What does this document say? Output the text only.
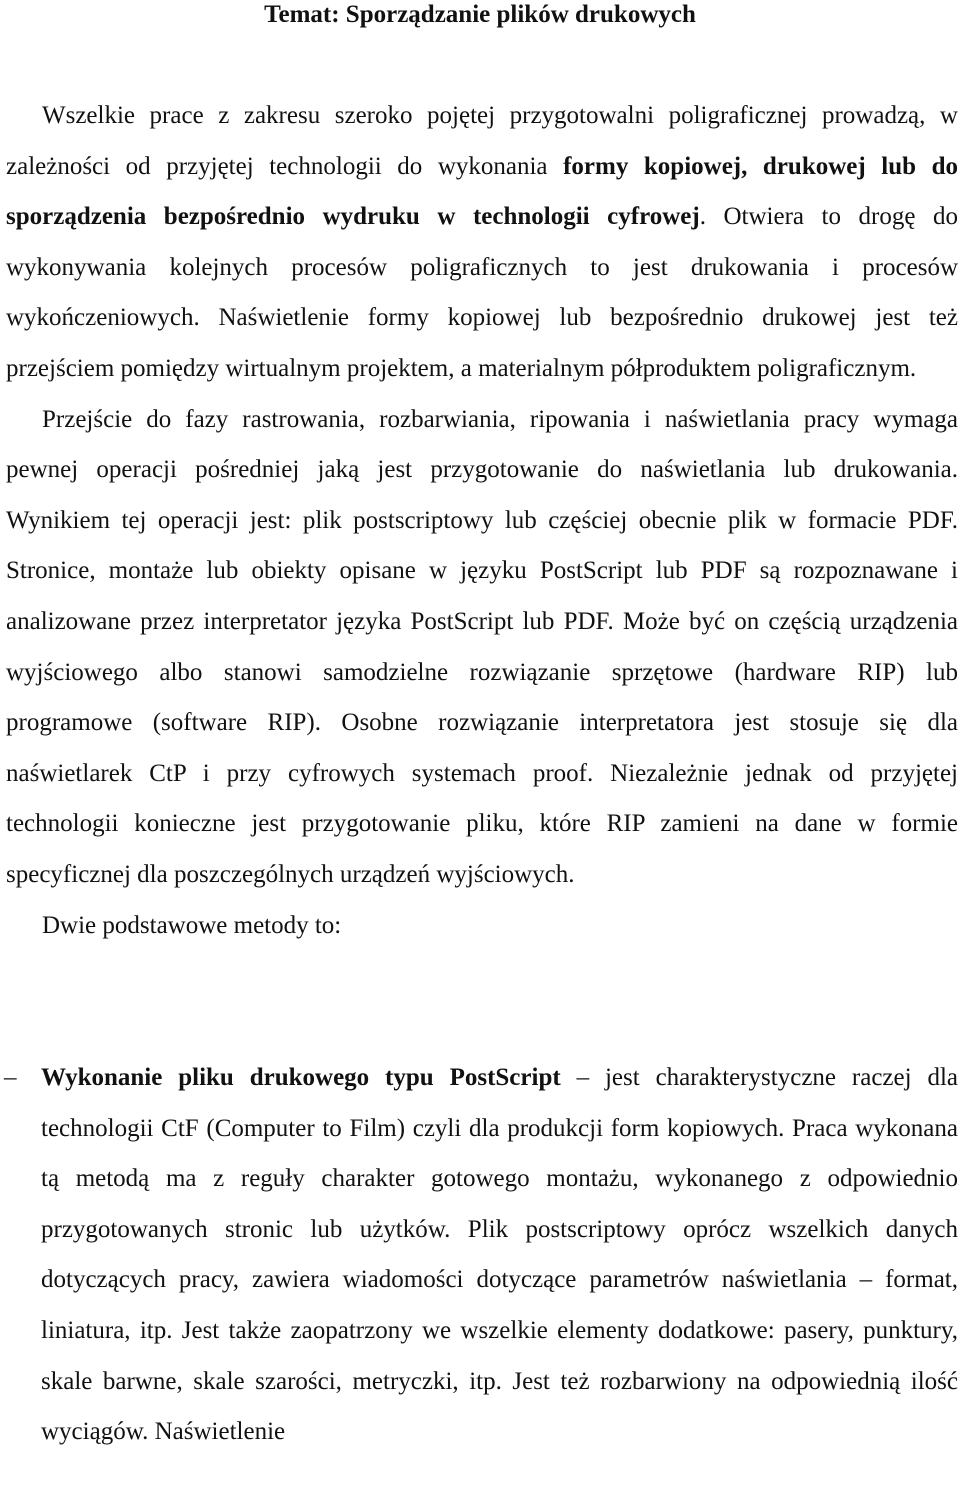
Temat: Sporządzanie plików drukowych

Wszelkie prace z zakresu szeroko pojętej przygotowalni poligraficznej prowadzą, w zależności od przyjętej technologii do wykonania formy kopiowej, drukowej lub do sporządzenia bezpośrednio wydruku w technologii cyfrowej. Otwiera to drogę do wykonywania kolejnych procesów poligraficznych to jest drukowania i procesów wykończeniowych. Naświetlenie formy kopiowej lub bezpośrednio drukowej jest też przejściem pomiędzy wirtualnym projektem, a materialnym półproduktem poligraficznym.

Przejście do fazy rastrowania, rozbarwiania, ripowania i naświetlania pracy wymaga pewnej operacji pośredniej jaką jest przygotowanie do naświetlania lub drukowania. Wynikiem tej operacji jest: plik postscriptowy lub częściej obecnie plik w formacie PDF. Stronice, montaże lub obiekty opisane w języku PostScript lub PDF są rozpoznawane i analizowane przez interpretator języka PostScript lub PDF. Może być on częścią urządzenia wyjściowego albo stanowi samodzielne rozwiązanie sprzętowe (hardware RIP) lub programowe (software RIP). Osobne rozwiązanie interpretatora jest stosuje się dla naświetlarek CtP i przy cyfrowych systemach proof. Niezależnie jednak od przyjętej technologii konieczne jest przygotowanie pliku, które RIP zamieni na dane w formie specyficznej dla poszczególnych urządzeń wyjściowych.

Dwie podstawowe metody to:

– Wykonanie pliku drukowego typu PostScript – jest charakterystyczne raczej dla technologii CtF (Computer to Film) czyli dla produkcji form kopiowych. Praca wykonana tą metodą ma z reguły charakter gotowego montażu, wykonanego z odpowiednio przygotowanych stronic lub użytków. Plik postscriptowy oprócz wszelkich danych dotyczących pracy, zawiera wiadomości dotyczące parametrów naświetlania – format, liniatura, itp. Jest także zaopatrzony we wszelkie elementy dodatkowe: pasery, punktury, skale barwne, skale szarości, metryczki, itp. Jest też rozbarwiony na odpowiednią ilość wyciągów. Naświetlenie
